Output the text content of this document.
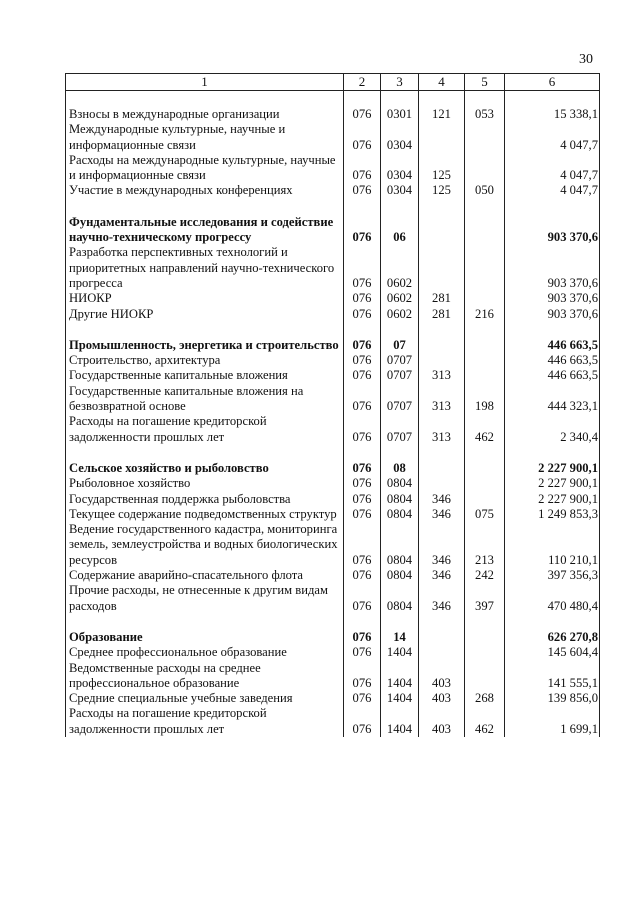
30
1	2	3	4	5	6

Взносы в международные организации	076	0301	121	053	15 338,1
Международные культурные, научные и информационные связи	076	0304			4 047,7
Расходы на международные культурные, научные и информационные связи	076	0304	125		4 047,7
Участие в международных конференциях	076	0304	125	050	4 047,7

Фундаментальные исследования и содействие научно-техническому прогрессу	076	06			903 370,6
Разработка перспективных технологий и приоритетных направлений научно-технического прогресса	076	0602			903 370,6
НИОКР	076	0602	281		903 370,6
Другие НИОКР	076	0602	281	216	903 370,6

Промышленность, энергетика и строительство	076	07			446 663,5
Строительство, архитектура	076	0707			446 663,5
Государственные капитальные вложения	076	0707	313		446 663,5
Государственные капитальные вложения на безвозвратной основе	076	0707	313	198	444 323,1
Расходы на погашение кредиторской задолженности прошлых лет	076	0707	313	462	2 340,4

Сельское хозяйство и рыболовство	076	08			2 227 900,1
Рыболовное хозяйство	076	0804			2 227 900,1
Государственная поддержка рыболовства	076	0804	346		2 227 900,1
Текущее содержание подведомственных структур	076	0804	346	075	1 249 853,3
Ведение государственного кадастра, мониторинга земель, землеустройства и водных биологических ресурсов	076	0804	346	213	110 210,1
Содержание аварийно-спасательного флота	076	0804	346	242	397 356,3
Прочие расходы, не отнесенные к другим видам расходов	076	0804	346	397	470 480,4

Образование	076	14			626 270,8
Среднее профессиональное образование	076	1404			145 604,4
Ведомственные расходы на среднее профессиональное образование	076	1404	403		141 555,1
Средние специальные учебные заведения	076	1404	403	268	139 856,0
Расходы на погашение кредиторской задолженности прошлых лет	076	1404	403	462	1 699,1
